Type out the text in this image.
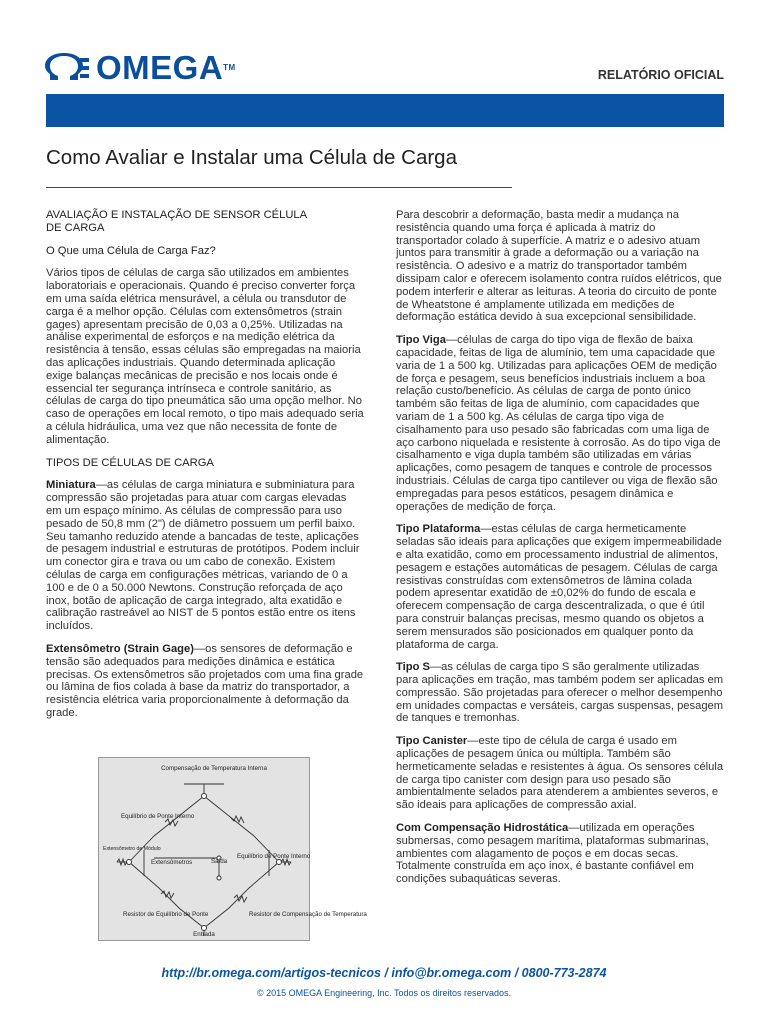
OMEGA™
RELATÓRIO OFICIAL
Como Avaliar e Instalar uma Célula de Carga

AVALIAÇÃO E INSTALAÇÃO DE SENSOR CÉLULA DE CARGA

O Que uma Célula de Carga Faz?

Vários tipos de células de carga são utilizados em ambientes laboratoriais e operacionais. Quando é preciso converter força em uma saída elétrica mensurável, a célula ou transdutor de carga é a melhor opção. Células com extensômetros (strain gages) apresentam precisão de 0,03 a 0,25%. Utilizadas na análise experimental de esforços e na medição elétrica da resistência à tensão, essas células são empregadas na maioria das aplicações industriais. Quando determinada aplicação exige balanças mecânicas de precisão e nos locais onde é essencial ter segurança intrínseca e controle sanitário, as células de carga do tipo pneumática são uma opção melhor. No caso de operações em local remoto, o tipo mais adequado seria a célula hidráulica, uma vez que não necessita de fonte de alimentação.

TIPOS DE CÉLULAS DE CARGA

Miniatura—as células de carga miniatura e subminiatura para compressão são projetadas para atuar com cargas elevadas em um espaço mínimo. As células de compressão para uso pesado de 50,8 mm (2") de diâmetro possuem um perfil baixo. Seu tamanho reduzido atende a bancadas de teste, aplicações de pesagem industrial e estruturas de protótipos. Podem incluir um conector gira e trava ou um cabo de conexão. Existem células de carga em configurações métricas, variando de 0 a 100 e de 0 a 50.000 Newtons. Construção reforçada de aço inox, botão de aplicação de carga integrado, alta exatidão e calibração rastreável ao NIST de 5 pontos estão entre os itens incluídos.

Extensômetro (Strain Gage)—os sensores de deformação e tensão são adequados para medições dinâmica e estática precisas. Os extensômetros são projetados com uma fina grade ou lâmina de fios colada à base da matriz do transportador, a resistência elétrica varia proporcionalmente à deformação da grade.

Compensação de Temperatura Interna
Equilíbrio de Ponte Interno
Extensômetro de Módulo
Extensômetros	Saída
Equilíbrio de Ponte Interno
Resistor de Equilíbrio de Ponte
Entrada
Resistor de Compensação de Temperatura

Para descobrir a deformação, basta medir a mudança na resistência quando uma força é aplicada à matriz do transportador colado à superfície. A matriz e o adesivo atuam juntos para transmitir à grade a deformação ou a variação na resistência. O adesivo e a matriz do transportador também dissipam calor e oferecem isolamento contra ruídos elétricos, que podem interferir e alterar as leituras. A teoria do circuito de ponte de Wheatstone é amplamente utilizada em medições de deformação estática devido à sua excepcional sensibilidade.

Tipo Viga—células de carga do tipo viga de flexão de baixa capacidade, feitas de liga de alumínio, tem uma capacidade que varia de 1 a 500 kg. Utilizadas para aplicações OEM de medição de força e pesagem, seus benefícios industriais incluem a boa relação custo/benefício. As células de carga de ponto único também são feitas de liga de alumínio, com capacidades que variam de 1 a 500 kg. As células de carga tipo viga de cisalhamento para uso pesado são fabricadas com uma liga de aço carbono niquelada e resistente à corrosão. As do tipo viga de cisalhamento e viga dupla também são utilizadas em várias aplicações, como pesagem de tanques e controle de processos industriais. Células de carga tipo cantilever ou viga de flexão são empregadas para pesos estáticos, pesagem dinâmica e operações de medição de força.

Tipo Plataforma—estas células de carga hermeticamente seladas são ideais para aplicações que exigem impermeabilidade e alta exatidão, como em processamento industrial de alimentos, pesagem e estações automáticas de pesagem. Células de carga resistivas construídas com extensômetros de lâmina colada podem apresentar exatidão de ±0,02% do fundo de escala e oferecem compensação de carga descentralizada, o que é útil para construir balanças precisas, mesmo quando os objetos a serem mensurados são posicionados em qualquer ponto da plataforma de carga.

Tipo S—as células de carga tipo S são geralmente utilizadas para aplicações em tração, mas também podem ser aplicadas em compressão. São projetadas para oferecer o melhor desempenho em unidades compactas e versáteis, cargas suspensas, pesagem de tanques e tremonhas.

Tipo Canister—este tipo de célula de carga é usado em aplicações de pesagem única ou múltipla. Também são hermeticamente seladas e resistentes à água. Os sensores célula de carga tipo canister com design para uso pesado são ambientalmente selados para atenderem a ambientes severos, e são ideais para aplicações de compressão axial.

Com Compensação Hidrostática—utilizada em operações submersas, como pesagem marítima, plataformas submarinas, ambientes com alagamento de poços e em docas secas. Totalmente construída em aço inox, é bastante confiável em condições subaquáticas severas.

http://br.omega.com/artigos-tecnicos / info@br.omega.com / 0800-773-2874
© 2015 OMEGA Engineering, Inc. Todos os direitos reservados.
